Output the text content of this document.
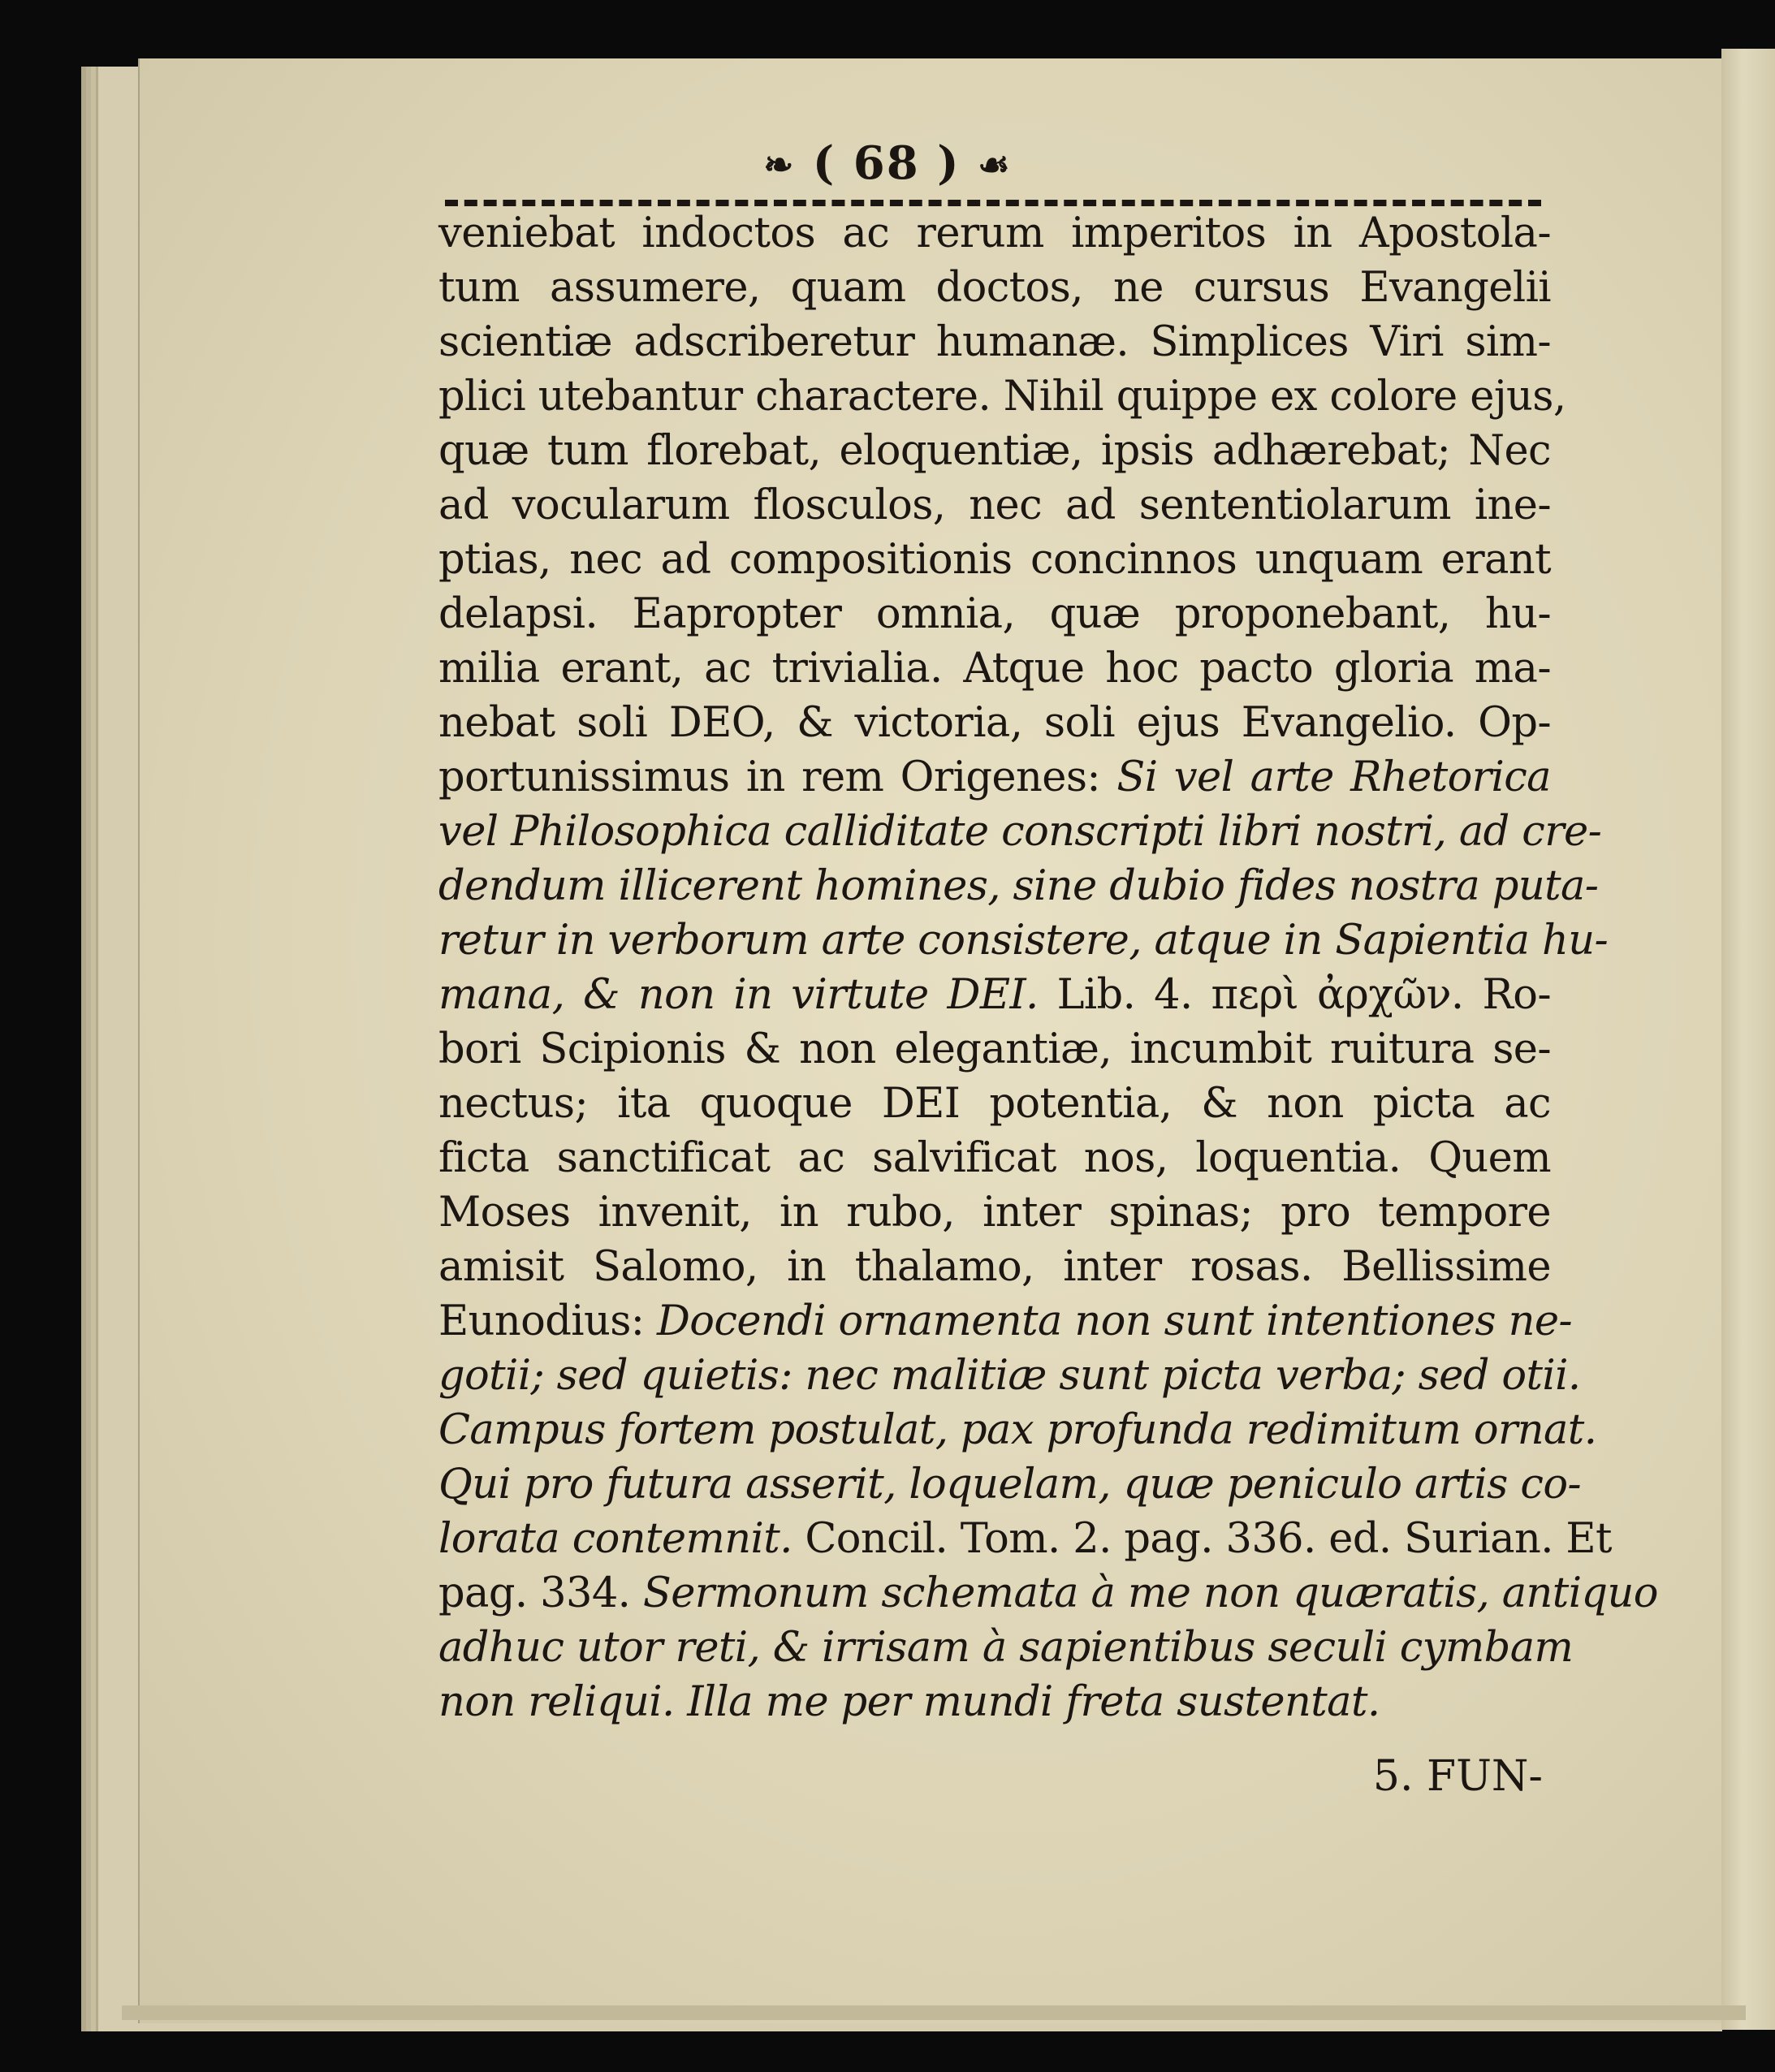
❧ ( 68 ) ☙
veniebat indoctos ac rerum imperitos in Apostola-
tum assumere, quam doctos, ne cursus Evangelii
scientiæ adscriberetur humanæ. Simplices Viri sim-
plici utebantur charactere. Nihil quippe ex colore ejus,
quæ tum florebat, eloquentiæ, ipsis adhærebat; Nec
ad vocularum flosculos, nec ad sententiolarum ine-
ptias, nec ad compositionis concinnos unquam erant
delapsi. Eapropter omnia, quæ proponebant, hu-
milia erant, ac trivialia. Atque hoc pacto gloria ma-
nebat soli DEO, & victoria, soli ejus Evangelio. Op-
portunissimus in rem Origenes: Si vel arte Rhetorica
vel Philosophica calliditate conscripti libri nostri, ad cre-
dendum illicerent homines, sine dubio fides nostra puta-
retur in verborum arte consistere, atque in Sapientia hu-
mana, & non in virtute DEI. Lib. 4. περὶ ἀρχῶν. Ro-
bori Scipionis & non elegantiæ, incumbit ruitura se-
nectus; ita quoque DEI potentia, & non picta ac
ficta sanctificat ac salvificat nos, loquentia. Quem
Moses invenit, in rubo, inter spinas; pro tempore
amisit Salomo, in thalamo, inter rosas. Bellissime
Eunodius: Docendi ornamenta non sunt intentiones ne-
gotii; sed quietis: nec malitiæ sunt picta verba; sed otii.
Campus fortem postulat, pax profunda redimitum ornat.
Qui pro futura asserit, loquelam, quæ peniculo artis co-
lorata contemnit. Concil. Tom. 2. pag. 336. ed. Surian. Et
pag. 334. Sermonum schemata à me non quæratis, antiquo
adhuc utor reti, & irrisam à sapientibus seculi cymbam
non reliqui. Illa me per mundi freta sustentat.
5. FUN-
